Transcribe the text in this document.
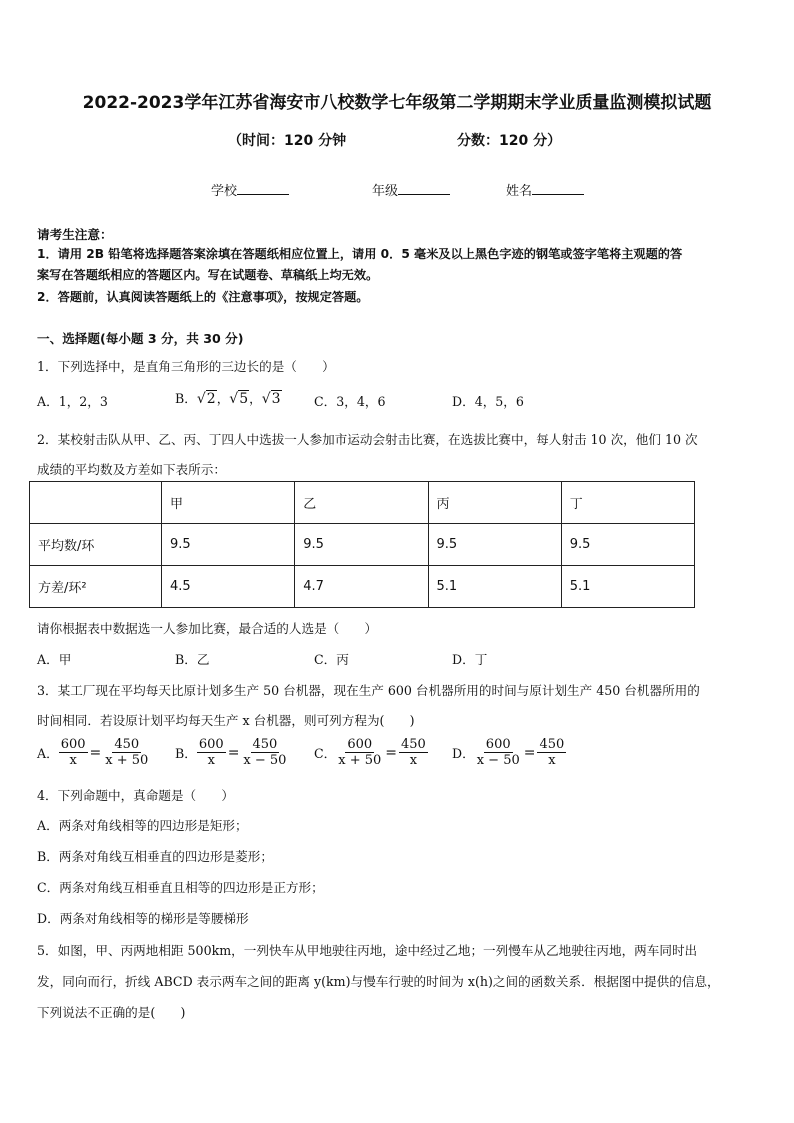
2022-2023学年江苏省海安市八校数学七年级第二学期期末学业质量监测模拟试题
（时间：120 分钟	分数：120 分）
学校	年级	姓名
请考生注意：
1．请用 2B 铅笔将选择题答案涂填在答题纸相应位置上，请用 0．5 毫米及以上黑色字迹的钢笔或签字笔将主观题的答
案写在答题纸相应的答题区内。写在试题卷、草稿纸上均无效。
2．答题前，认真阅读答题纸上的《注意事项》，按规定答题。
一、选择题(每小题 3 分，共 30 分)
1．下列选择中，是直角三角形的三边长的是（　　）
A．1，2，3	B．√2，√5，√3	C．3，4，6	D．4，5，6
2．某校射击队从甲、乙、丙、丁四人中选拔一人参加市运动会射击比赛，在选拔比赛中，每人射击 10 次，他们 10 次
成绩的平均数及方差如下表所示：
	甲	乙	丙	丁
平均数/环	9.5	9.5	9.5	9.5
方差/环²	4.5	4.7	5.1	5.1
请你根据表中数据选一人参加比赛，最合适的人选是（　　）
A．甲	B．乙	C．丙	D．丁
3．某工厂现在平均每天比原计划多生产 50 台机器，现在生产 600 台机器所用的时间与原计划生产 450 台机器所用的
时间相同．若设原计划平均每天生产 x 台机器，则可列方程为(　　)
A． $\frac{600}{x} = \frac{450}{x + 50}$ B． $\frac{600}{x} = \frac{450}{x - 50}$ C． $\frac{600}{x + 50} = \frac{450}{x}$ D． $\frac{600}{x - 50} = \frac{450}{x}$
4．下列命题中，真命题是（　　）
A．两条对角线相等的四边形是矩形；
B．两条对角线互相垂直的四边形是菱形；
C．两条对角线互相垂直且相等的四边形是正方形；
D．两条对角线相等的梯形是等腰梯形
5．如图，甲、丙两地相距 500km，一列快车从甲地驶往丙地，途中经过乙地；一列慢车从乙地驶往丙地，两车同时出
发，同向而行，折线 ABCD 表示两车之间的距离 y(km)与慢车行驶的时间为 x(h)之间的函数关系．根据图中提供的信息，
下列说法不正确的是(　　)
